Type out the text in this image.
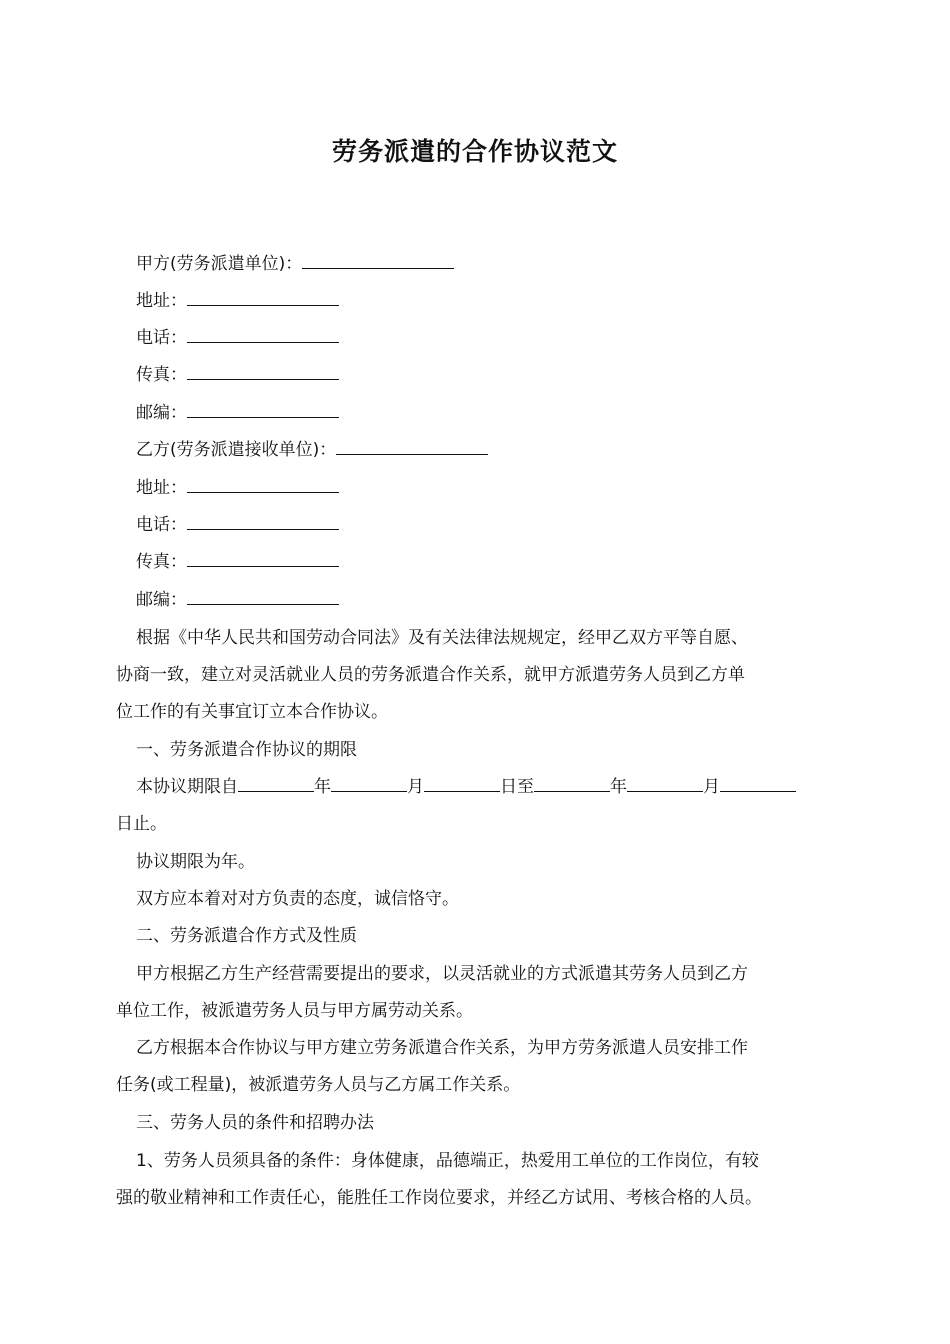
劳务派遣的合作协议范文
甲方(劳务派遣单位)：
地址：
电话：
传真：
邮编：
乙方(劳务派遣接收单位)：
地址：
电话：
传真：
邮编：
根据《中华人民共和国劳动合同法》及有关法律法规规定，经甲乙双方平等自愿、
协商一致，建立对灵活就业人员的劳务派遣合作关系，就甲方派遣劳务人员到乙方单
位工作的有关事宜订立本合作协议。
一、劳务派遣合作协议的期限
本协议期限自	年	月	日至	年	月
日止。
协议期限为年。
双方应本着对对方负责的态度，诚信恪守。
二、劳务派遣合作方式及性质
甲方根据乙方生产经营需要提出的要求，以灵活就业的方式派遣其劳务人员到乙方
单位工作，被派遣劳务人员与甲方属劳动关系。
乙方根据本合作协议与甲方建立劳务派遣合作关系，为甲方劳务派遣人员安排工作
任务(或工程量)，被派遣劳务人员与乙方属工作关系。
三、劳务人员的条件和招聘办法
1、劳务人员须具备的条件：身体健康，品德端正，热爱用工单位的工作岗位，有较
强的敬业精神和工作责任心，能胜任工作岗位要求，并经乙方试用、考核合格的人员。
